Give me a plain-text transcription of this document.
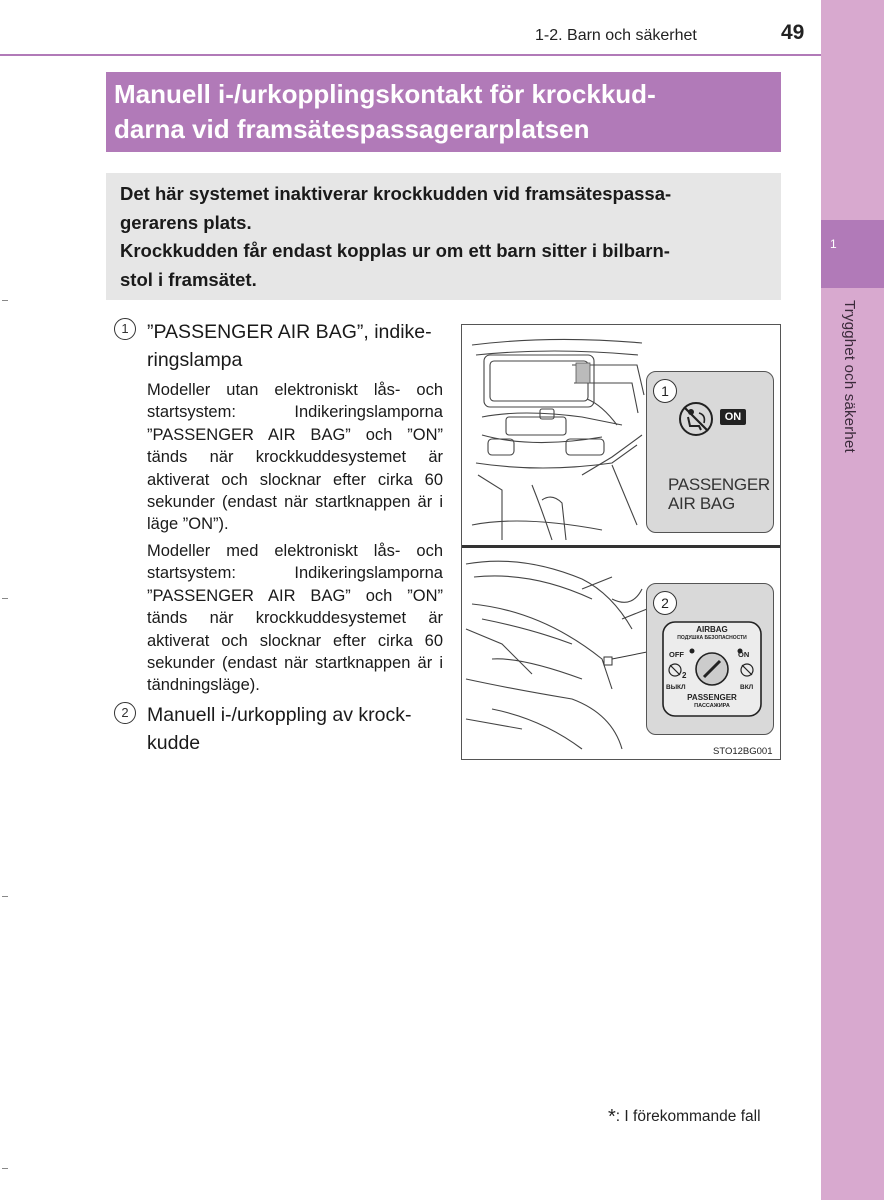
1
Trygghet och säkerhet
1-2. Barn och säkerhet	49
Manuell i-/urkopplingskontakt för krockkud-
darna vid framsätespassagerarplatsen
Det här systemet inaktiverar krockkudden vid framsätespassa-
gerarens plats.
Krockkudden får endast kopplas ur om ett barn sitter i bilbarn-
stol i framsätet.
1 ”PASSENGER AIR BAG”, indike-
ringslampa
Modeller utan elektroniskt lås- och startsystem: Indikeringslamporna ”PASSENGER AIR BAG” och ”ON” tänds när krockkuddesystemet är aktiverat och slocknar efter cirka 60 sekunder (endast när startknappen är i läge ”ON”).
Modeller med elektroniskt lås- och startsystem: Indikeringslamporna ”PASSENGER AIR BAG” och ”ON” tänds när krockkuddesystemet är aktiverat och slocknar efter cirka 60 sekunder (endast när startknappen är i tändningsläge).
2 Manuell i-/urkoppling av krock-
kudde
1
ON
PASSENGER
AIR BAG
2
AIRBAG
ПОДУШКА БЕЗОПАСНОСТИ
OFF	ON
2
ВЫКЛ	ВКЛ
PASSENGER
ПАССАЖИРА
STO12BG001
*: I förekommande fall
